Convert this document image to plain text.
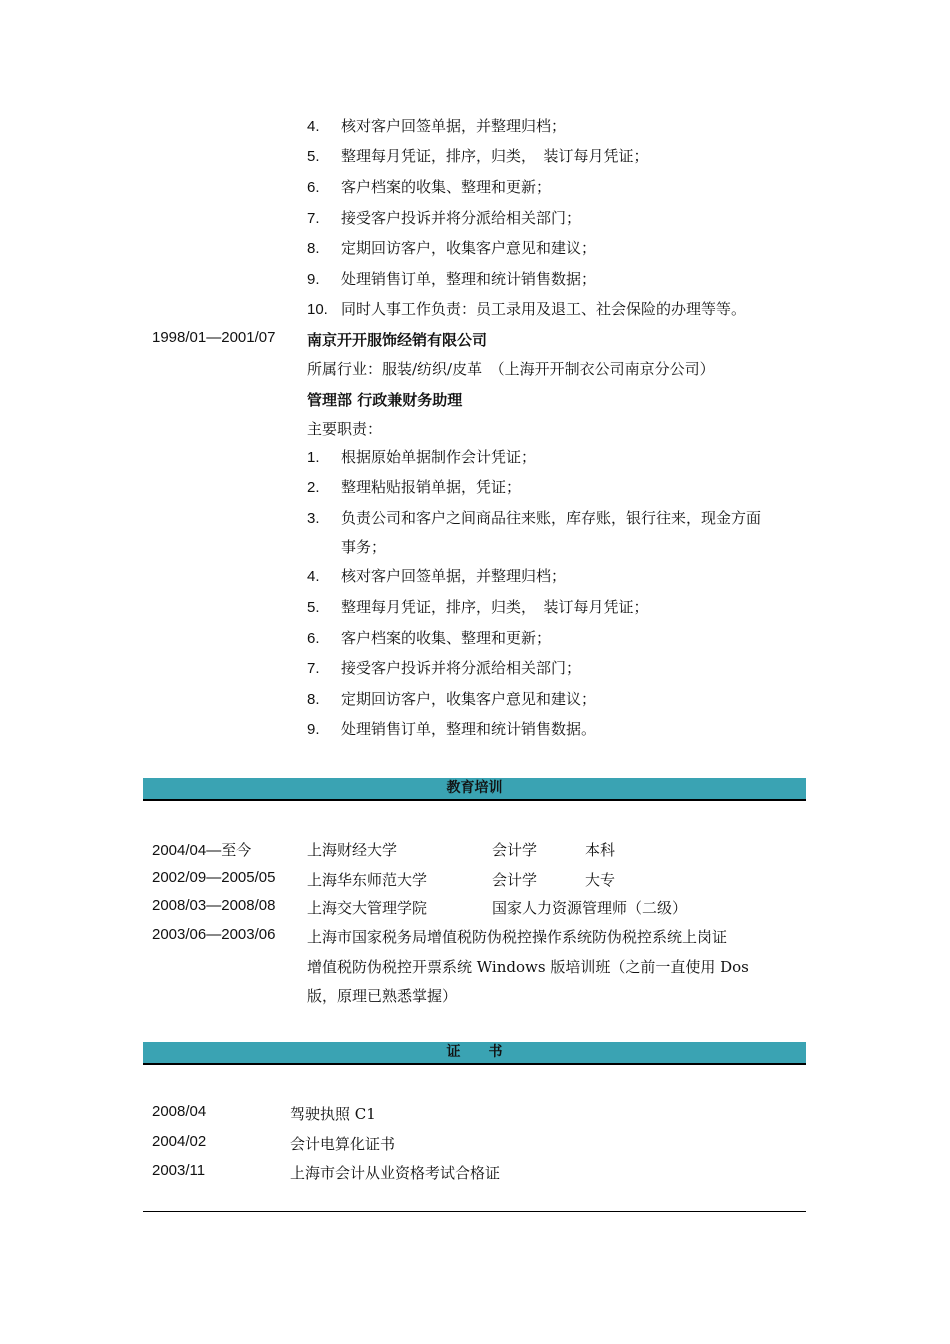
4. 核对客户回签单据，并整理归档；
5. 整理每月凭证，排序，归类，　装订每月凭证；
6. 客户档案的收集、整理和更新；
7. 接受客户投诉并将分派给相关部门；
8. 定期回访客户，收集客户意见和建议；
9. 处理销售订单，整理和统计销售数据；
10. 同时人事工作负责：员工录用及退工、社会保险的办理等等。
1998/01—2001/07 南京开开服饰经销有限公司
所属行业：服装/纺织/皮革　（上海开开制衣公司南京分公司）
管理部 行政兼财务助理
主要职责：
1. 根据原始单据制作会计凭证；
2. 整理粘贴报销单据，凭证；
3. 负责公司和客户之间商品往来账，库存账，银行往来，现金方面
事务；
4. 核对客户回签单据，并整理归档；
5. 整理每月凭证，排序，归类，　装订每月凭证；
6. 客户档案的收集、整理和更新；
7. 接受客户投诉并将分派给相关部门；
8. 定期回访客户，收集客户意见和建议；
9. 处理销售订单，整理和统计销售数据。
教育培训
2004/04—至今	上海财经大学	会计学	本科
2002/09—2005/05 上海华东师范大学	会计学	大专
2008/03—2008/08 上海交大管理学院	国家人力资源管理师（二级）
2003/06—2003/06 上海市国家税务局增值税防伪税控操作系统防伪税控系统上岗证
增值税防伪税控开票系统 Windows 版培训班（之前一直使用 Dos
版，原理已熟悉掌握）
证　　书
2008/04	驾驶执照 C1
2004/02	会计电算化证书
2003/11	上海市会计从业资格考试合格证
